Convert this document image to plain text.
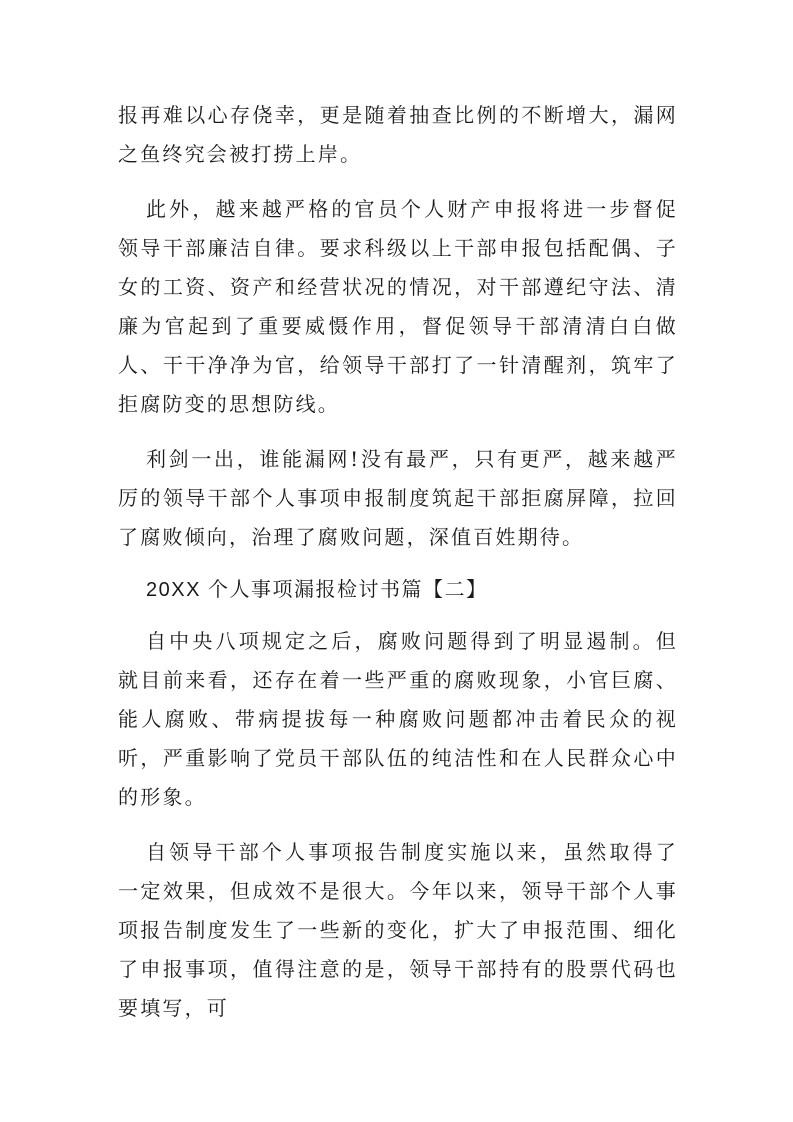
报再难以心存侥幸，更是随着抽查比例的不断增大，漏网之鱼终究会被打捞上岸。

此外，越来越严格的官员个人财产申报将进一步督促领导干部廉洁自律。要求科级以上干部申报包括配偶、子女的工资、资产和经营状况的情况，对干部遵纪守法、清廉为官起到了重要威慑作用，督促领导干部清清白白做人、干干净净为官，给领导干部打了一针清醒剂，筑牢了拒腐防变的思想防线。

利剑一出，谁能漏网!没有最严，只有更严，越来越严厉的领导干部个人事项申报制度筑起干部拒腐屏障，拉回了腐败倾向，治理了腐败问题，深值百姓期待。

20XX 个人事项漏报检讨书篇【二】

自中央八项规定之后，腐败问题得到了明显遏制。但就目前来看，还存在着一些严重的腐败现象，小官巨腐、能人腐败、带病提拔每一种腐败问题都冲击着民众的视听，严重影响了党员干部队伍的纯洁性和在人民群众心中的形象。

自领导干部个人事项报告制度实施以来，虽然取得了一定效果，但成效不是很大。今年以来，领导干部个人事项报告制度发生了一些新的变化，扩大了申报范围、细化了申报事项，值得注意的是，领导干部持有的股票代码也要填写，可
